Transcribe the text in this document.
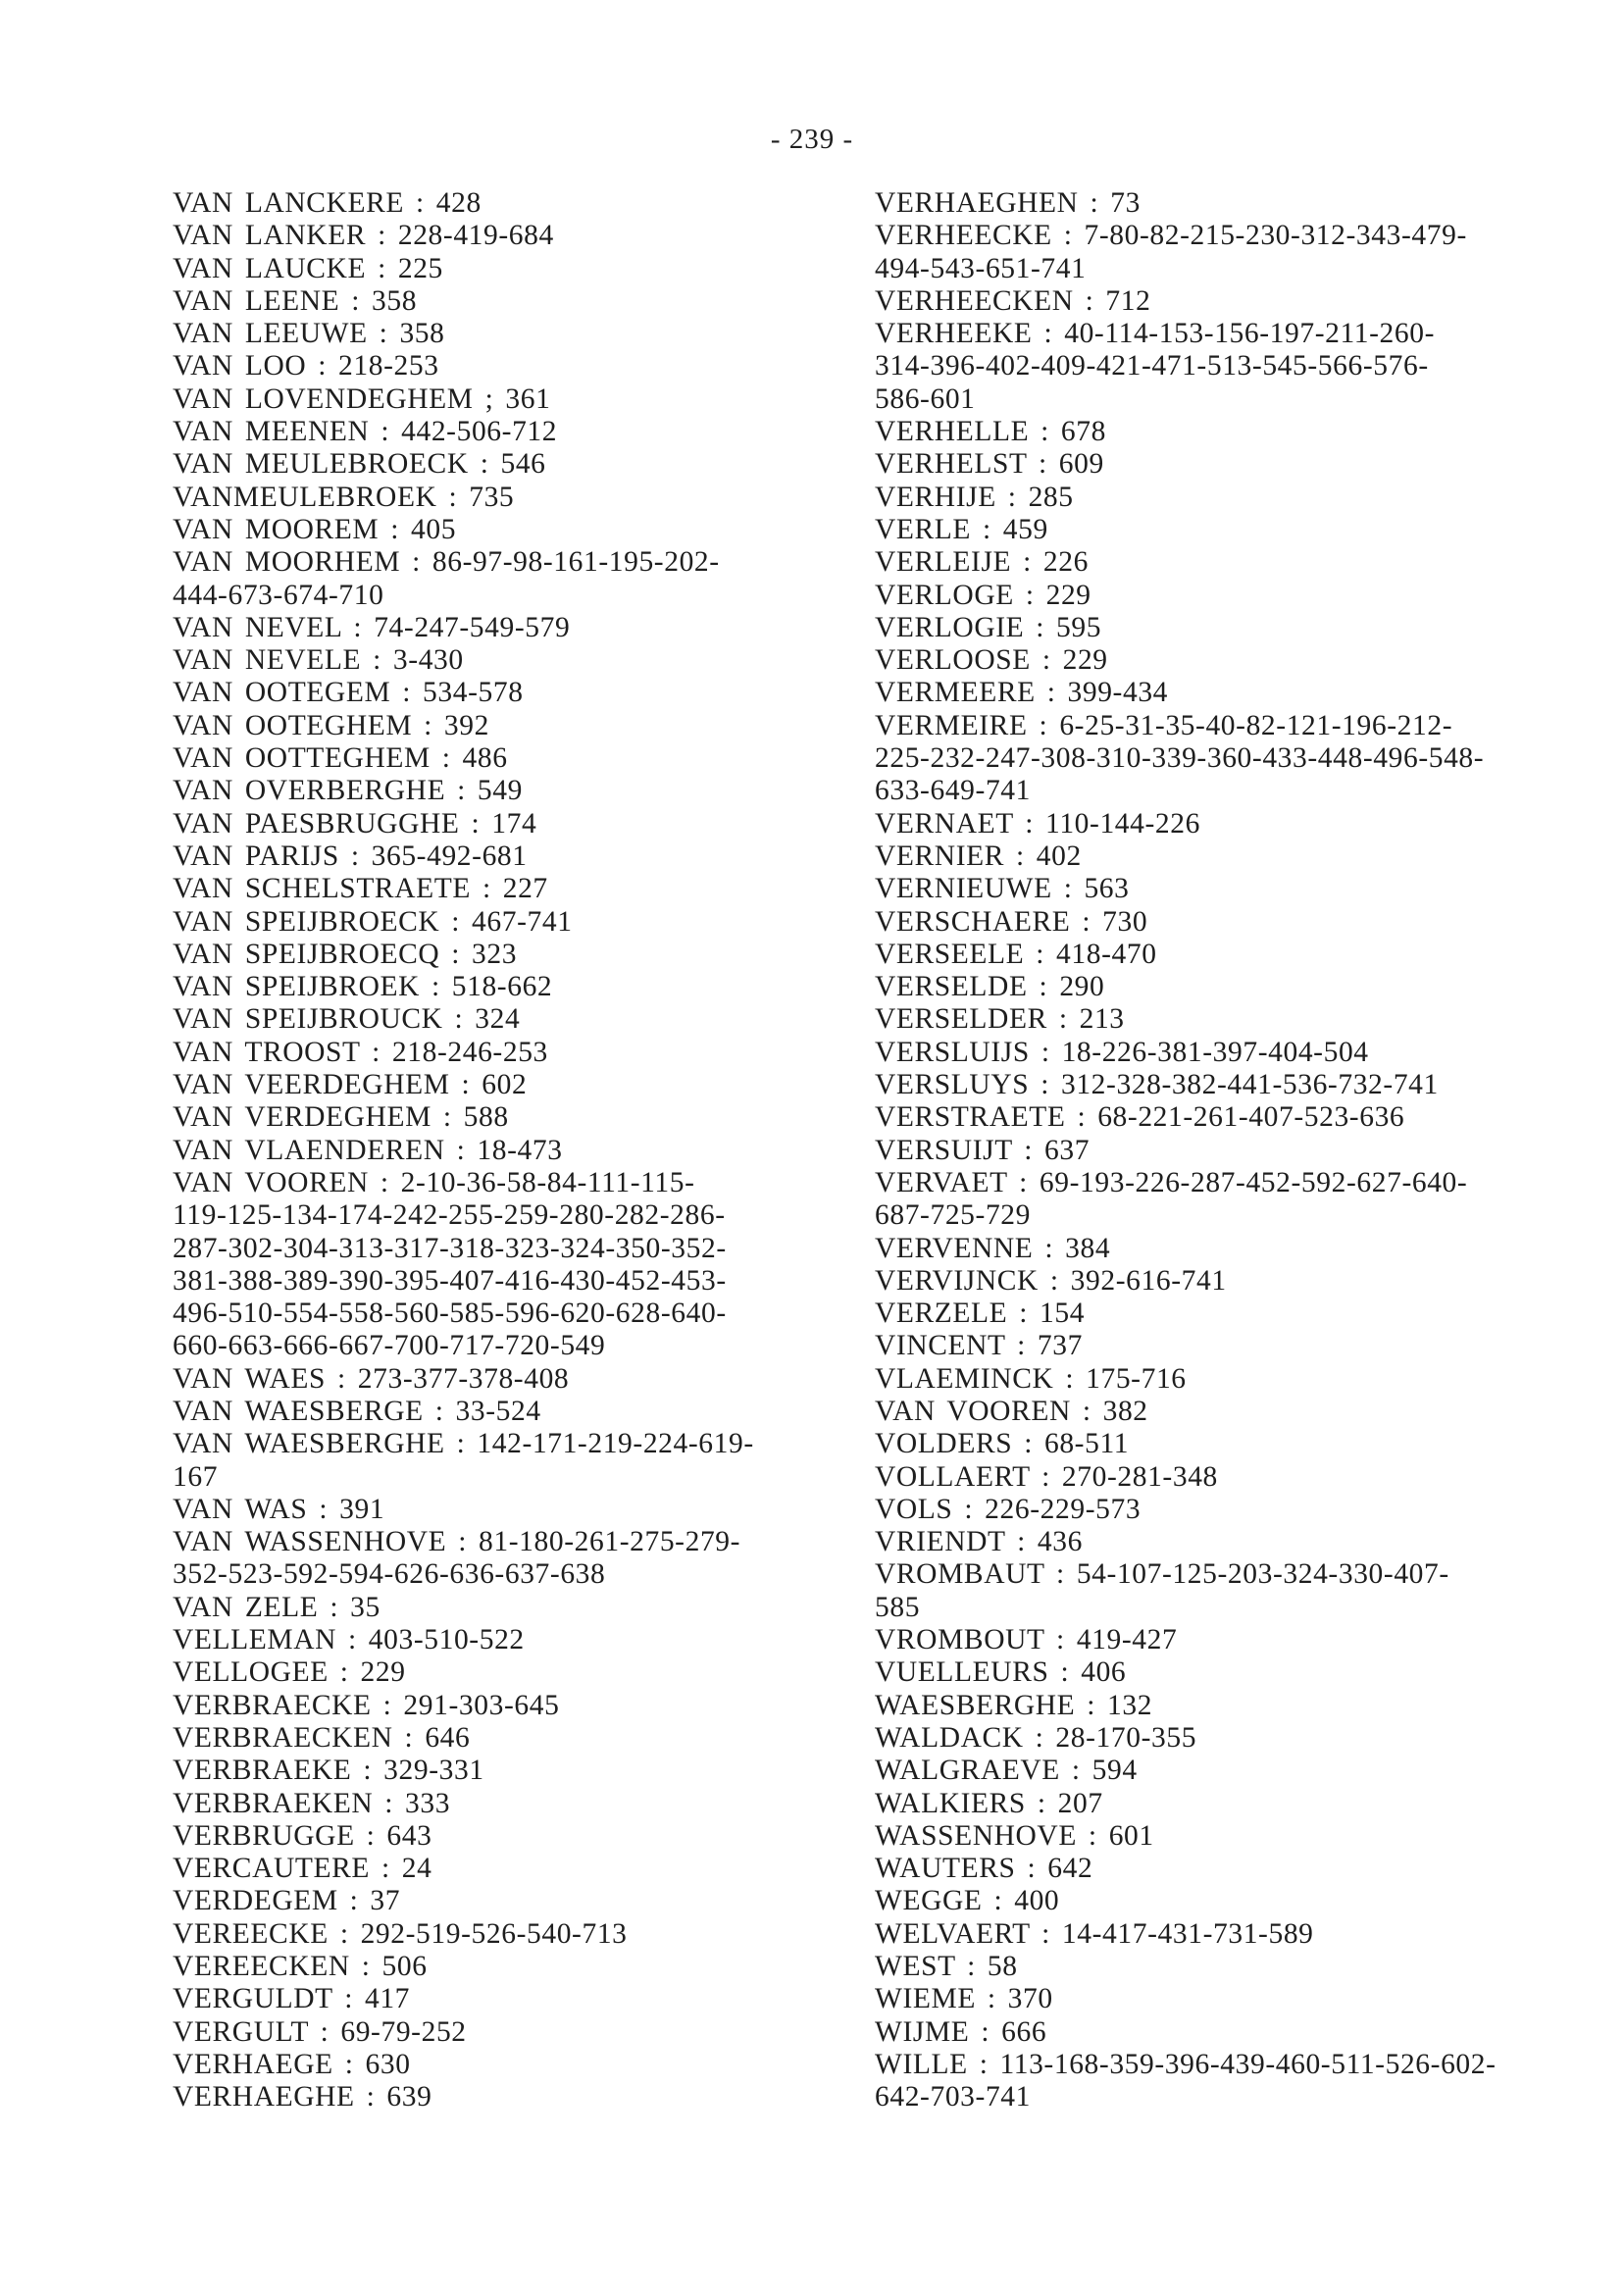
- 239 -
VAN LANCKERE : 428
VAN LANKER : 228-419-684
VAN LAUCKE : 225
VAN LEENE : 358
VAN LEEUWE : 358
VAN LOO : 218-253
VAN LOVENDEGHEM ; 361
VAN MEENEN : 442-506-712
VAN MEULEBROECK : 546
VANMEULEBROEK : 735
VAN MOOREM : 405
VAN MOORHEM : 86-97-98-161-195-202-
444-673-674-710
VAN NEVEL : 74-247-549-579
VAN NEVELE : 3-430
VAN OOTEGEM : 534-578
VAN OOTEGHEM : 392
VAN OOTTEGHEM : 486
VAN OVERBERGHE : 549
VAN PAESBRUGGHE : 174
VAN PARIJS : 365-492-681
VAN SCHELSTRAETE : 227
VAN SPEIJBROECK : 467-741
VAN SPEIJBROECQ : 323
VAN SPEIJBROEK : 518-662
VAN SPEIJBROUCK : 324
VAN TROOST : 218-246-253
VAN VEERDEGHEM : 602
VAN VERDEGHEM : 588
VAN VLAENDEREN : 18-473
VAN VOOREN : 2-10-36-58-84-111-115-
119-125-134-174-242-255-259-280-282-286-
287-302-304-313-317-318-323-324-350-352-
381-388-389-390-395-407-416-430-452-453-
496-510-554-558-560-585-596-620-628-640-
660-663-666-667-700-717-720-549
VAN WAES : 273-377-378-408
VAN WAESBERGE : 33-524
VAN WAESBERGHE : 142-171-219-224-619-
167
VAN WAS : 391
VAN WASSENHOVE : 81-180-261-275-279-
352-523-592-594-626-636-637-638
VAN ZELE : 35
VELLEMAN : 403-510-522
VELLOGEE : 229
VERBRAECKE : 291-303-645
VERBRAECKEN : 646
VERBRAEKE : 329-331
VERBRAEKEN : 333
VERBRUGGE : 643
VERCAUTERE : 24
VERDEGEM : 37
VEREECKE : 292-519-526-540-713
VEREECKEN : 506
VERGULDT : 417
VERGULT : 69-79-252
VERHAEGE : 630
VERHAEGHE : 639
VERHAEGHEN : 73
VERHEECKE : 7-80-82-215-230-312-343-479-
494-543-651-741
VERHEECKEN : 712
VERHEEKE : 40-114-153-156-197-211-260-
314-396-402-409-421-471-513-545-566-576-
586-601
VERHELLE : 678
VERHELST : 609
VERHIJE : 285
VERLE : 459
VERLEIJE : 226
VERLOGE : 229
VERLOGIE : 595
VERLOOSE : 229
VERMEERE : 399-434
VERMEIRE : 6-25-31-35-40-82-121-196-212-
225-232-247-308-310-339-360-433-448-496-548-
633-649-741
VERNAET : 110-144-226
VERNIER : 402
VERNIEUWE : 563
VERSCHAERE : 730
VERSEELE : 418-470
VERSELDE : 290
VERSELDER : 213
VERSLUIJS : 18-226-381-397-404-504
VERSLUYS : 312-328-382-441-536-732-741
VERSTRAETE : 68-221-261-407-523-636
VERSUIJT : 637
VERVAET : 69-193-226-287-452-592-627-640-
687-725-729
VERVENNE : 384
VERVIJNCK : 392-616-741
VERZELE : 154
VINCENT : 737
VLAEMINCK : 175-716
VAN VOOREN : 382
VOLDERS : 68-511
VOLLAERT : 270-281-348
VOLS : 226-229-573
VRIENDT : 436
VROMBAUT : 54-107-125-203-324-330-407-
585
VROMBOUT : 419-427
VUELLEURS : 406
WAESBERGHE : 132
WALDACK : 28-170-355
WALGRAEVE : 594
WALKIERS : 207
WASSENHOVE : 601
WAUTERS : 642
WEGGE : 400
WELVAERT : 14-417-431-731-589
WEST : 58
WIEME : 370
WIJME : 666
WILLE : 113-168-359-396-439-460-511-526-602-
642-703-741
